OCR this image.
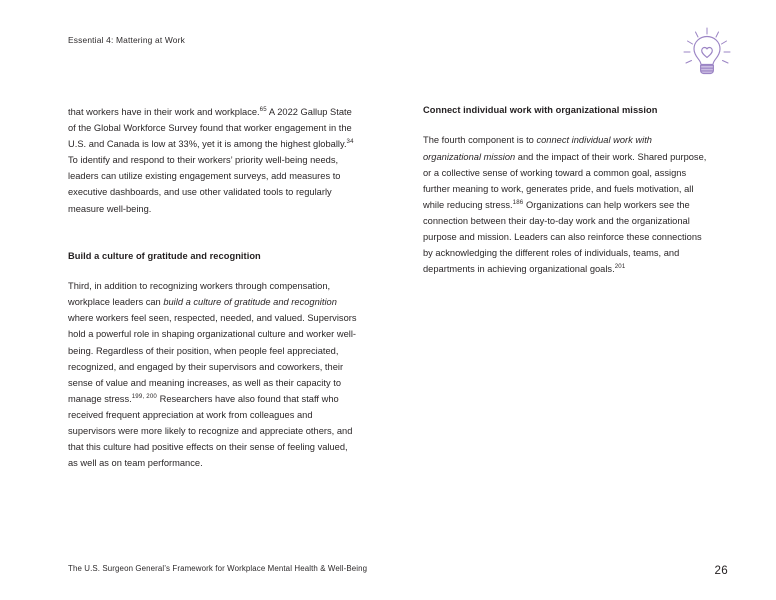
Essential 4: Mattering at Work

that workers have in their work and workplace.$^{65}$ A 2022 Gallup State of the Global Workforce Survey found that worker engagement in the U.S. and Canada is low at 33%, yet it is among the highest globally.$^{34}$ To identify and respond to their workers’ priority well-being needs, leaders can utilize existing engagement surveys, add measures to executive dashboards, and use other validated tools to regularly measure well-being.

Build a culture of gratitude and recognition

Third, in addition to recognizing workers through compensation, workplace leaders can build a culture of gratitude and recognition where workers feel seen, respected, needed, and valued. Supervisors hold a powerful role in shaping organizational culture and worker well-being. Regardless of their position, when people feel appreciated, recognized, and engaged by their supervisors and coworkers, their sense of value and meaning increases, as well as their capacity to manage stress.$^{199, 200}$ Researchers have also found that staff who received frequent appreciation at work from colleagues and supervisors were more likely to recognize and appreciate others, and that this culture had positive effects on their sense of feeling valued, as well as on team performance.

Connect individual work with organizational mission

The fourth component is to connect individual work with organizational mission and the impact of their work. Shared purpose, or a collective sense of working toward a common goal, assigns further meaning to work, generates pride, and fuels motivation, all while reducing stress.$^{186}$ Organizations can help workers see the connection between their day-to-day work and the organizational purpose and mission. Leaders can also reinforce these connections by acknowledging the different roles of individuals, teams, and departments in achieving organizational goals.$^{201}$

The U.S. Surgeon General’s Framework for Workplace Mental Health & Well-Being	26
